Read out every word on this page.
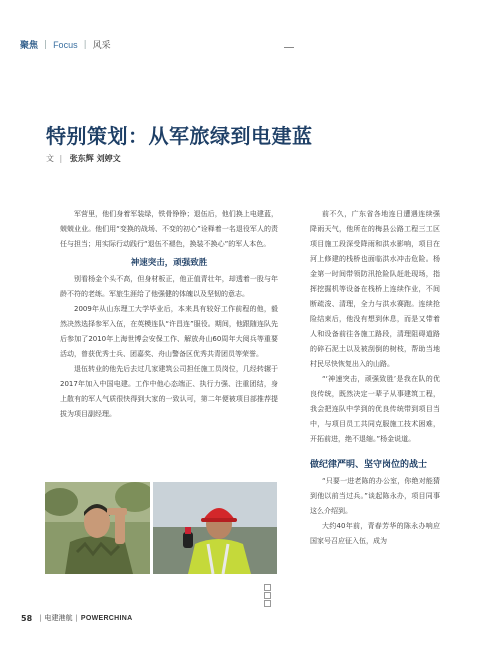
聚焦 | Focus | 风采
特别策划：从军旅绿到电建蓝
文 | 张东辉 刘婷文

军营里，他们身着军装绿，铁骨铮铮；退伍后，他们换上电建蓝，兢兢业业。他们用“变换的战场、不变的初心”诠释着一名退役军人的责任与担当；用实际行动践行“退伍不褪色，换装不换心”的军人本色。

神速突击，顽强致胜

别看杨金个头不高，但身材板正，他正值青壮年，却透着一股与年龄不符的老练。军旅生涯给了他强健的体魄以及坚韧的意志。

2009年从山东理工大学毕业后，本来具有较好工作前程的他，毅然决然选择参军入伍，在英模连队“许昌连”服役。期间，他跟随连队先后参加了2010年上海世博会安保工作、解放舟山60周年大阅兵等重要活动，曾获优秀士兵、团嘉奖、舟山警备区优秀共青团员等荣誉。

退伍转业的他先后去过几家建筑公司担任施工员岗位，几经转辗于2017年加入中国电建。工作中他心态端正、执行力强、注重团结，身上散有的军人气质很快得到大家的一致认可，第二年便被项目部推荐提拔为项目副经理。

前不久，广东省各地连日遭遇连续强降雨天气，他所在的梅县公路工程三工区项目施工段深受降雨和洪水影响，项目在河上修建的栈桥也面临洪水冲击危险。杨金第一时间带领防汛抢险队赶赴现场，指挥挖掘机等设备在栈桥上连续作业，不间断疏浚、清理，全力与洪水赛跑。连续抢险结束后，他没有想到休息，而是又带着人和设备前往各施工路段，清理阻碍道路的碎石泥土以及被刮倒的树枝，帮助当地村民尽快恢复出入的山路。

“‘神速突击，顽强致胜’是我在队的优良传统，既然决定一辈子从事建筑工程，我会把连队中学到的优良传统带到项目当中，与项目员工共同克服施工技术困难，开拓前进，绝不退缩。”杨金说道。

做纪律严明、坚守岗位的战士

“只要一进老陈的办公室，你绝对能猜到他以前当过兵。”谈起陈永办，项目同事这么介绍到。

大约40年前，青春芳华的陈永办响应国家号召应征入伍，成为

58 | 电建港航 | POWERCHINA
